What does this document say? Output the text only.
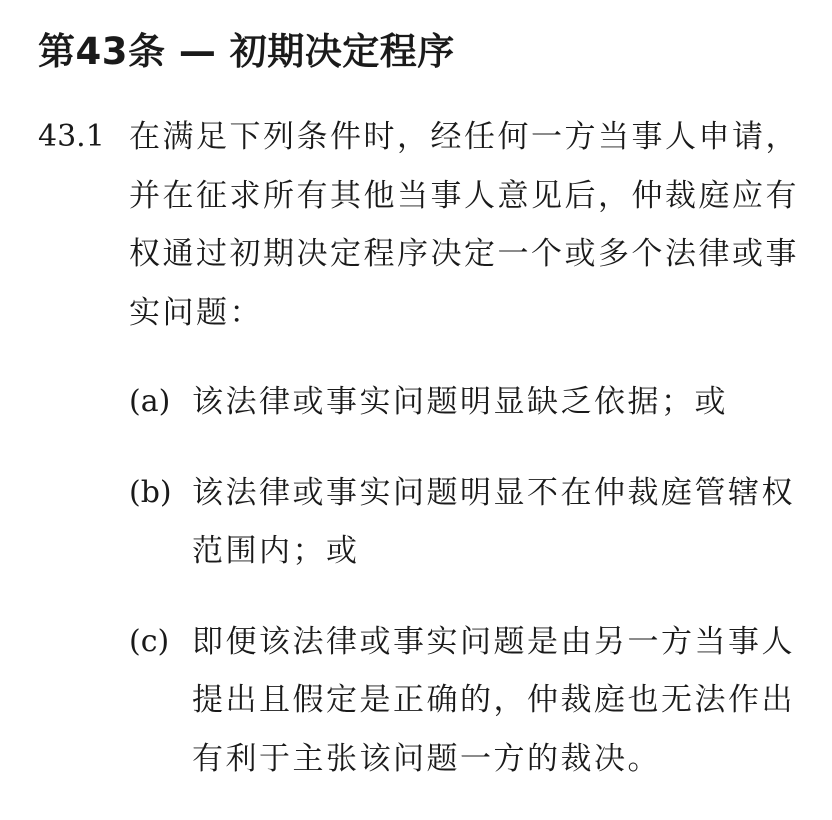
第43条 — 初期决定程序
43.1 在满足下列条件时，经任何一方当事人申请，并在征求所有其他当事人意见后，仲裁庭应有权通过初期决定程序决定一个或多个法律或事实问题：
(a) 该法律或事实问题明显缺乏依据；或
(b) 该法律或事实问题明显不在仲裁庭管辖权范围内；或
(c) 即便该法律或事实问题是由另一方当事人提出且假定是正确的，仲裁庭也无法作出有利于主张该问题一方的裁决。
